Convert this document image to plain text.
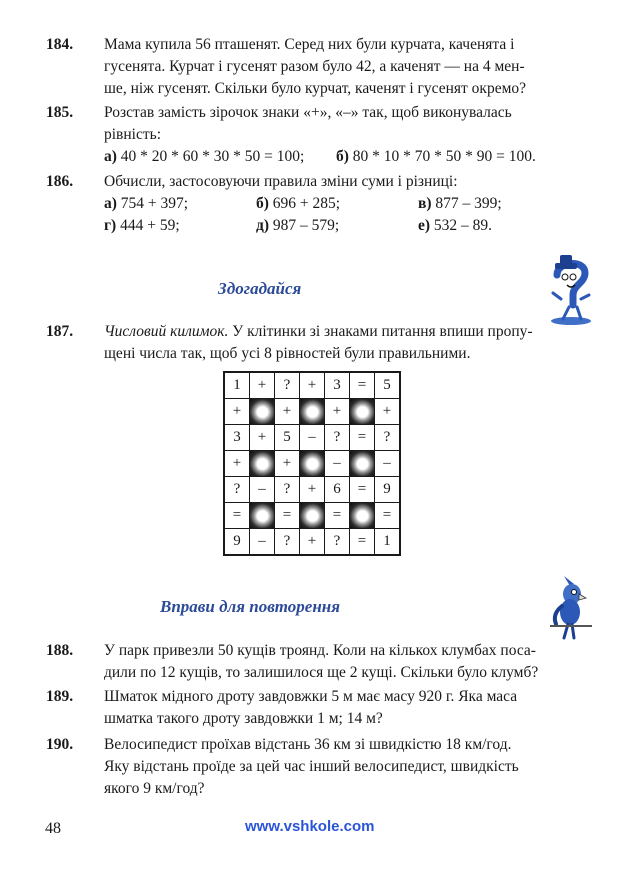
184. Мама купила 56 пташенят. Серед них були курчата, каченята і
гусенята. Курчат і гусенят разом було 42, а каченят — на 4 мен-
ше, ніж гусенят. Скільки було курчат, каченят і гусенят окремо?
185. Розстав замість зірочок знаки «+», «–» так, щоб виконувалась
рівність:
а) 40 * 20 * 60 * 30 * 50 = 100;	б) 80 * 10 * 70 * 50 * 90 = 100.
186. Обчисли, застосовуючи правила зміни суми і різниці:
а) 754 + 397;	б) 696 + 285;	в) 877 – 399;
г) 444 + 59;	д) 987 – 579;	е) 532 – 89.
Здогадайся
187. Числовий килимок. У клітинки зі знаками питання впиши пропу-
щені числа так, щоб усі 8 рівностей були правильними.
1	+	?	+	3	=	5
+		+		+		+
3	+	5	–	?	=	?
+		+		–		–
?	–	?	+	6	=	9
=		=		=		=
9	–	?	+	?	=	1
Вправи для повторення
188. У парк привезли 50 кущів троянд. Коли на кількох клумбах поса-
дили по 12 кущів, то залишилося ще 2 кущі. Скільки було клумб?
189. Шматок мідного дроту завдовжки 5 м має масу 920 г. Яка маса
шматка такого дроту завдовжки 1 м; 14 м?
190. Велосипедист проїхав відстань 36 км зі швидкістю 18 км/год.
Яку відстань проїде за цей час інший велосипедист, швидкість
якого 9 км/год?
48	www.vshkole.com
